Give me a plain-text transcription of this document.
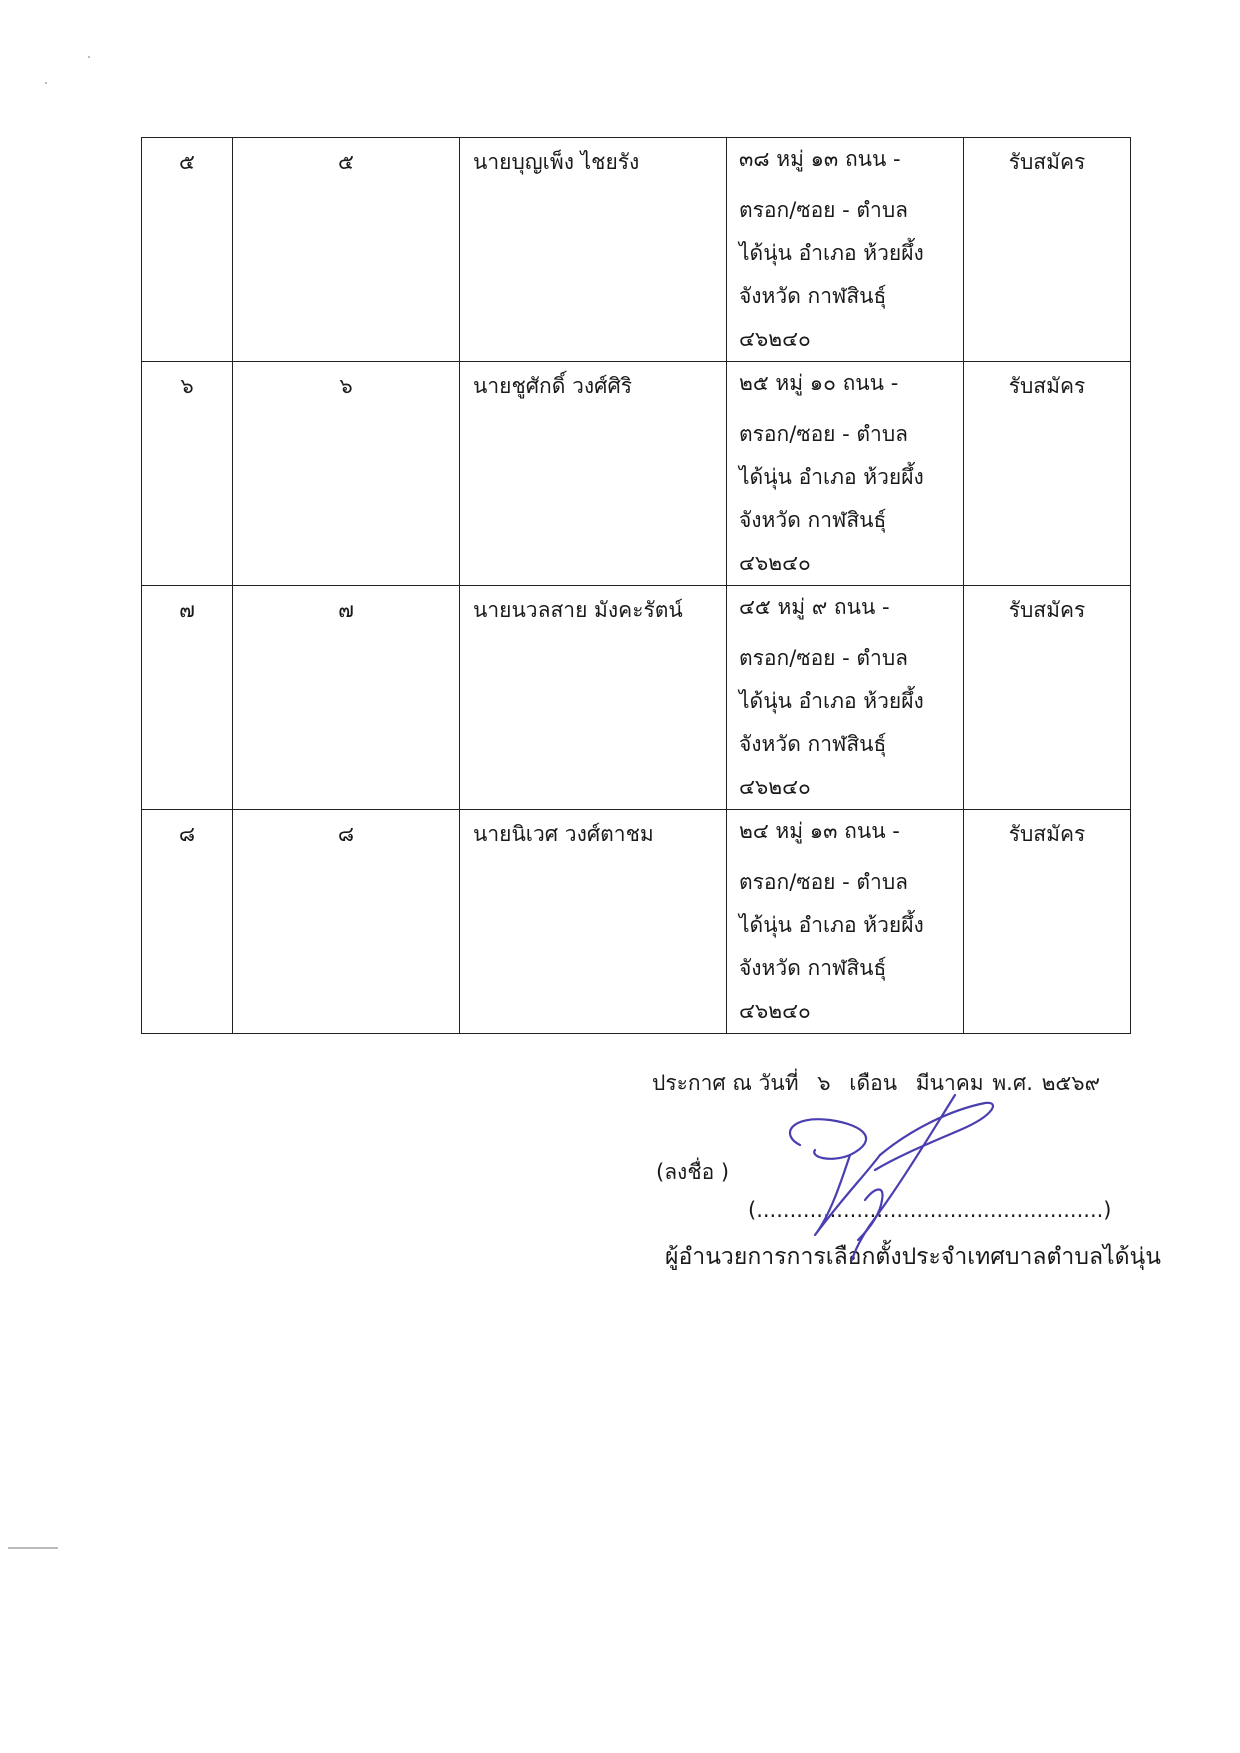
๕	๕	นายบุญเพ็ง ไชยรัง	๓๘ หมู่ ๑๓ ถนน -
ตรอก/ซอย - ตำบล
ได้นุ่น อำเภอ ห้วยผึ้ง
จังหวัด กาฬสินธุ์
๔๖๒๔๐	รับสมัคร
๖	๖	นายชูศักดิ์ วงศ์ศิริ	๒๕ หมู่ ๑๐ ถนน -
ตรอก/ซอย - ตำบล
ได้นุ่น อำเภอ ห้วยผึ้ง
จังหวัด กาฬสินธุ์
๔๖๒๔๐	รับสมัคร
๗	๗	นายนวลสาย มังคะรัตน์	๔๕ หมู่ ๙ ถนน -
ตรอก/ซอย - ตำบล
ได้นุ่น อำเภอ ห้วยผึ้ง
จังหวัด กาฬสินธุ์
๔๖๒๔๐	รับสมัคร
๘	๘	นายนิเวศ วงศ์ตาชม	๒๔ หมู่ ๑๓ ถนน -
ตรอก/ซอย - ตำบล
ได้นุ่น อำเภอ ห้วยผึ้ง
จังหวัด กาฬสินธุ์
๔๖๒๔๐	รับสมัคร
ประกาศ ณ วันที่ ๖ เดือน มีนาคม พ.ศ. ๒๕๖๙
(ลงชื่อ )
(....................................................)
ผู้อำนวยการการเลือกตั้งประจำเทศบาลตำบลได้นุ่น
